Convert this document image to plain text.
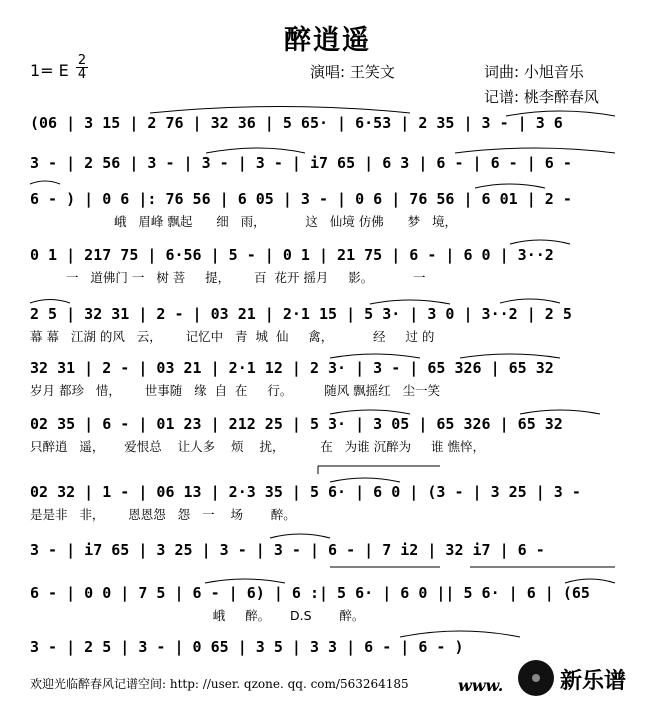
醉逍遥
1= E
2
4	演唱: 王笑文	词曲: 小旭音乐
记谱: 桃李醉春风
(06 | 3 15 | 2 76 | 32 36 | 5 65· | 6·53 | 2 35 | 3 - | 3 6
3 - | 2 56 | 3 - | 3 - | 3 - | i7 65 | 6 3 | 6 - | 6 - | 6 -
6 - ) | 0 6 |: 76 56 | 6 05 | 3 - | 0 6 | 76 56 | 6 01 | 2 -
峨   眉峰 飘起      细   雨，          这   仙境 仿佛      梦   境，
0 1 | 217 75 | 6·56 | 5 - | 0 1 | 21 75 | 6 - | 6 0 | 3··2
一   道佛门 一   树 菩     提，      百  花开 摇月     影。          一
2 5 | 32 31 | 2 - | 03 21 | 2·1 15 | 5 3· | 3 0 | 3··2 | 2 5
幕 幕   江湖 的风   云，      记忆中   青  城  仙     禽，          经     过 的
32 31 | 2 - | 03 21 | 2·1 12 | 2 3· | 3 - | 65 326 | 65 32
岁月 都珍   惜，      世事随   缘  自  在     行。        随风 飘摇红   尘一笑
02 35 | 6 - | 01 23 | 212 25 | 5 3· | 3 05 | 65 326 | 65 32
只醉逍   遥，     爱恨总    让人多    烦    扰，         在   为谁 沉醉为     谁 憔悴，
02 32 | 1 - | 06 13 | 2·3 35 | 5 6· | 6 0 | (3 - | 3 25 | 3 -
是是非   非，      恩恩怨   怨   一    场       醉。
3 - | i7 65 | 3 25 | 3 - | 3 - | 6 - | 7 i2 | 32 i7 | 6 -
6 - | 0 0 | 7 5 | 6 - | 6) | 6 :| 5 6· | 6 0 || 5 6· | 6 | (65
峨     醉。     D.S       醉。
3 - | 2 5 | 3 - | 0 65 | 3 5 | 3 3 | 6 - | 6 - )
欢迎光临醉春风记谱空间: http: //user. qzone. qq. com/563264185	www.	新乐谱
